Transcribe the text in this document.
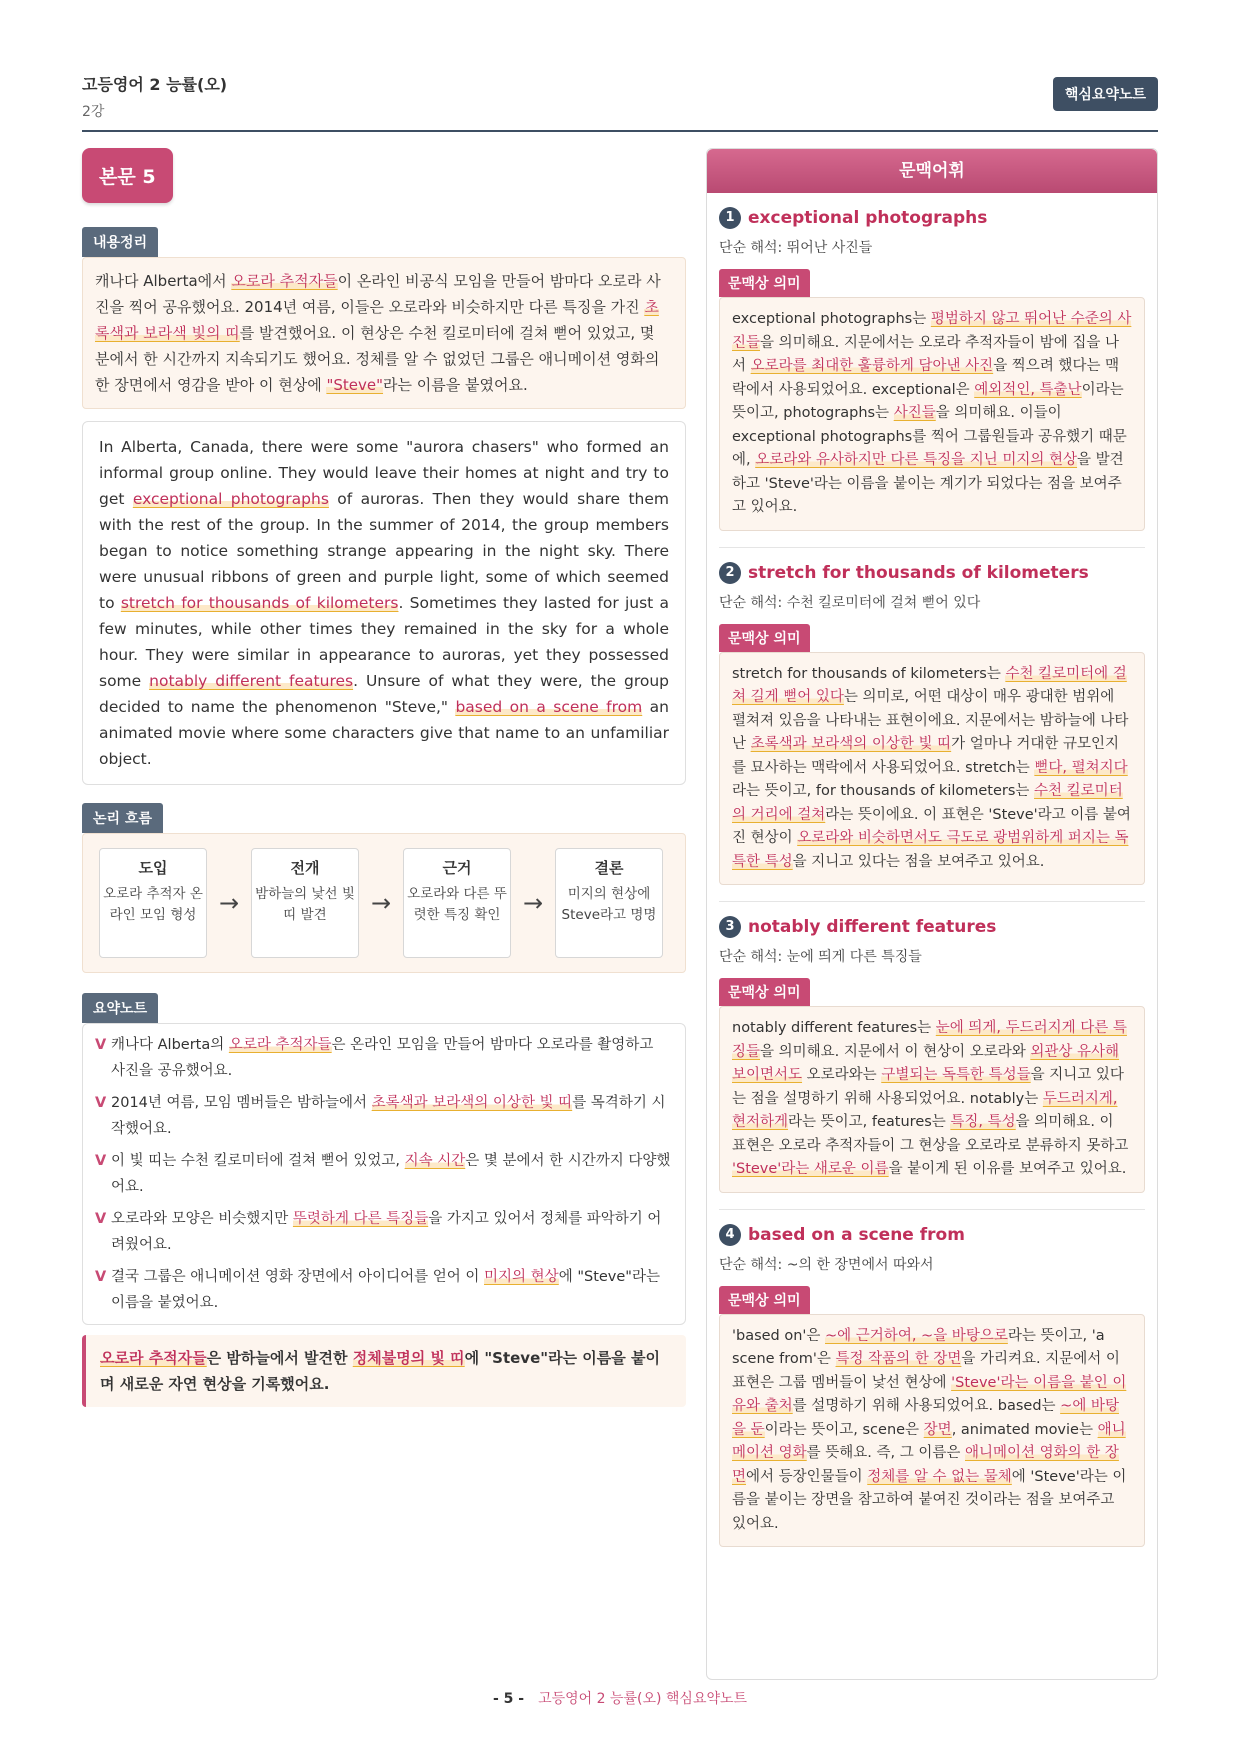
고등영어 2 능률(오)
2강
핵심요약노트
본문 5
내용정리
캐나다 Alberta에서 오로라 추적자들이 온라인 비공식 모임을 만들어 밤마다 오로라 사진을 찍어 공유했어요. 2014년 여름, 이들은 오로라와 비슷하지만 다른 특징을 가진 초록색과 보라색 빛의 띠를 발견했어요. 이 현상은 수천 킬로미터에 걸쳐 뻗어 있었고, 몇 분에서 한 시간까지 지속되기도 했어요. 정체를 알 수 없었던 그룹은 애니메이션 영화의 한 장면에서 영감을 받아 이 현상에 "Steve"라는 이름을 붙였어요.
In Alberta, Canada, there were some "aurora chasers" who formed an informal group online. They would leave their homes at night and try to get exceptional photographs of auroras. Then they would share them with the rest of the group. In the summer of 2014, the group members began to notice something strange appearing in the night sky. There were unusual ribbons of green and purple light, some of which seemed to stretch for thousands of kilometers. Sometimes they lasted for just a few minutes, while other times they remained in the sky for a whole hour. They were similar in appearance to auroras, yet they possessed some notably different features. Unsure of what they were, the group decided to name the phenomenon "Steve," based on a scene from an animated movie where some characters give that name to an unfamiliar object.
논리 흐름
도입
오로라 추적자 온라인 모임 형성 →
전개
밤하늘의 낯선 빛 띠 발견	→
근거
오로라와 다른 뚜렷한 특징 확인 →
결론
미지의 현상에 Steve라고 명명
요약노트
V 캐나다 Alberta의 오로라 추적자들은 온라인 모임을 만들어 밤마다 오로라를 촬영하고 사진을 공유했어요.
V 2014년 여름, 모임 멤버들은 밤하늘에서 초록색과 보라색의 이상한 빛 띠를 목격하기 시작했어요.
V 이 빛 띠는 수천 킬로미터에 걸쳐 뻗어 있었고, 지속 시간은 몇 분에서 한 시간까지 다양했어요.
V 오로라와 모양은 비슷했지만 뚜렷하게 다른 특징들을 가지고 있어서 정체를 파악하기 어려웠어요.
V 결국 그룹은 애니메이션 영화 장면에서 아이디어를 얻어 이 미지의 현상에 "Steve"라는 이름을 붙였어요.
오로라 추적자들은 밤하늘에서 발견한 정체불명의 빛 띠에 "Steve"라는 이름을 붙이며 새로운 자연 현상을 기록했어요.
문맥어휘
1 exceptional photographs
단순 해석: 뛰어난 사진들
문맥상 의미
exceptional photographs는 평범하지 않고 뛰어난 수준의 사진들을 의미해요. 지문에서는 오로라 추적자들이 밤에 집을 나서 오로라를 최대한 훌륭하게 담아낸 사진을 찍으려 했다는 맥락에서 사용되었어요. exceptional은 예외적인, 특출난이라는 뜻이고, photographs는 사진들을 의미해요. 이들이 exceptional photographs를 찍어 그룹원들과 공유했기 때문에, 오로라와 유사하지만 다른 특징을 지닌 미지의 현상을 발견하고 'Steve'라는 이름을 붙이는 계기가 되었다는 점을 보여주고 있어요.
2 stretch for thousands of kilometers
단순 해석: 수천 킬로미터에 걸쳐 뻗어 있다
문맥상 의미
stretch for thousands of kilometers는 수천 킬로미터에 걸쳐 길게 뻗어 있다는 의미로, 어떤 대상이 매우 광대한 범위에 펼쳐져 있음을 나타내는 표현이에요. 지문에서는 밤하늘에 나타난 초록색과 보라색의 이상한 빛 띠가 얼마나 거대한 규모인지를 묘사하는 맥락에서 사용되었어요. stretch는 뻗다, 펼쳐지다라는 뜻이고, for thousands of kilometers는 수천 킬로미터의 거리에 걸쳐라는 뜻이에요. 이 표현은 'Steve'라고 이름 붙여진 현상이 오로라와 비슷하면서도 극도로 광범위하게 퍼지는 독특한 특성을 지니고 있다는 점을 보여주고 있어요.
3 notably different features
단순 해석: 눈에 띄게 다른 특징들
문맥상 의미
notably different features는 눈에 띄게, 두드러지게 다른 특징들을 의미해요. 지문에서 이 현상이 오로라와 외관상 유사해 보이면서도 오로라와는 구별되는 독특한 특성들을 지니고 있다는 점을 설명하기 위해 사용되었어요. notably는 두드러지게, 현저하게라는 뜻이고, features는 특징, 특성을 의미해요. 이 표현은 오로라 추적자들이 그 현상을 오로라로 분류하지 못하고 'Steve'라는 새로운 이름을 붙이게 된 이유를 보여주고 있어요.
4 based on a scene from
단순 해석: ~의 한 장면에서 따와서
문맥상 의미
'based on'은 ~에 근거하여, ~을 바탕으로라는 뜻이고, 'a scene from'은 특정 작품의 한 장면을 가리켜요. 지문에서 이 표현은 그룹 멤버들이 낯선 현상에 'Steve'라는 이름을 붙인 이유와 출처를 설명하기 위해 사용되었어요. based는 ~에 바탕을 둔이라는 뜻이고, scene은 장면, animated movie는 애니메이션 영화를 뜻해요. 즉, 그 이름은 애니메이션 영화의 한 장면에서 등장인물들이 정체를 알 수 없는 물체에 'Steve'라는 이름을 붙이는 장면을 참고하여 붙여진 것이라는 점을 보여주고 있어요.
- 5 - 고등영어 2 능률(오) 핵심요약노트
